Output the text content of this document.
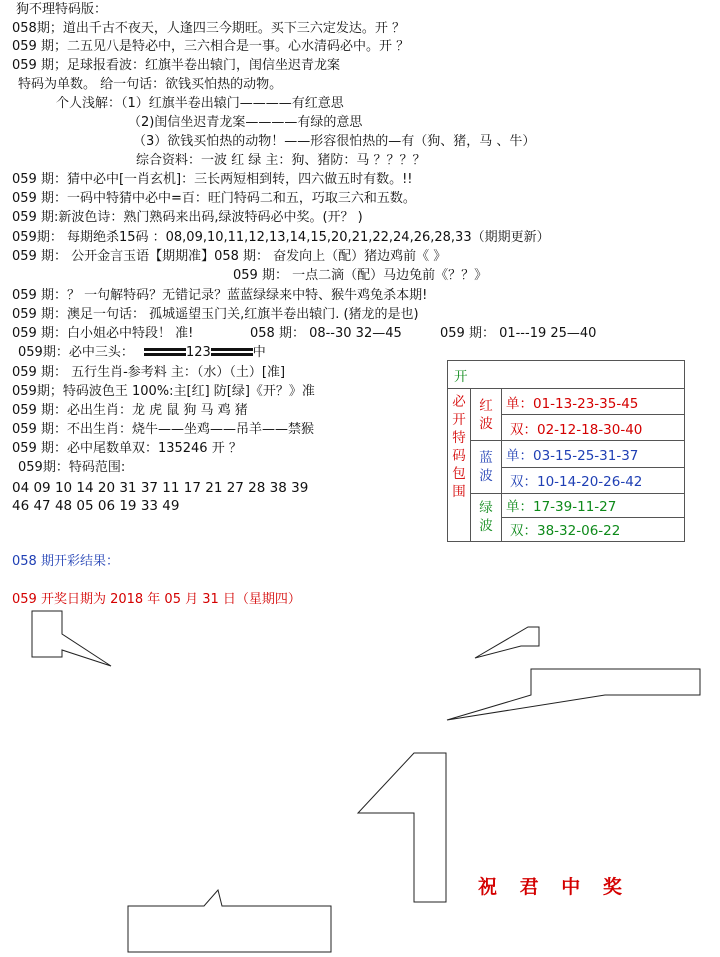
狗不理特码版：
058期；道出千古不夜天，人逢四三今期旺。买下三六定发达。开 ？
059 期；二五见八是特必中，三六相合是一事。心水清码必中。开 ？
059 期；足球报看波：红旗半卷出辕门，闺信坐迟青龙案
特码为单数。 给一句话：欲钱买怕热的动物。
个人浅解：（1）红旗半卷出辕门————有红意思
（2)闺信坐迟青龙案————有绿的意思
（3）欲钱买怕热的动物！——形容很怕热的—有（狗、猪，马 、牛）
综合资料：一波 红 绿 主：狗、猪防：马 ？？？？
059 期：猜中必中[一肖玄机]：三长两短相到转，四六做五时有数。!!
059 期：一码中特猜中必中=百：旺门特码二和五，巧取三六和五数。
059 期:新波色诗：熟门熟码来出码,绿波特码必中奖。(开？ )
059期： 每期绝杀15码 ：08,09,10,11,12,13,14,15,20,21,22,24,26,28,33（期期更新）
059 期： 公开金言玉语【期期准】058 期： 奋发向上（配）猪边鸡前《 》
059 期： 一点二滴（配）马边兔前《？？》
059 期：？ 一句解特码？无错记录？蓝蓝绿绿来中特、猴牛鸡兔杀本期!
059 期：澳足一句话： 孤城遥望玉门关,红旗半卷出辕门. (猪龙的是也)
059 期：白小姐必中特段！ 准!	058 期： 08--30 32—45	059 期： 01---19 25—40
059期：必中三头：	123	中
059 期： 五行生肖-参考料 主：（水）（土）[准]
059期；特码波色王 100%:主[红] 防[绿]《开？》准
059 期：必出生肖：龙 虎 鼠 狗 马 鸡 猪
059 期：不出生肖：烧牛——坐鸡——吊羊——禁猴
059 期：必中尾数单双：135246 开 ？
059期：特码范围:
04 09 10 14 20 31 37 11 17 21 27 28 38 39
46 47 48 05 06 19 33 49
开		

必开特码包围	红波	单：01-13-23-35-45
		双：02-12-18-30-40

	蓝波	单：03-15-25-31-37
		双：10-14-20-26-42

	绿波	单：17-39-11-27
		双：38-32-06-22
058 期开彩结果：
059 开奖日期为 2018 年 05 月 31 日（星期四）
祝 君 中 奖
